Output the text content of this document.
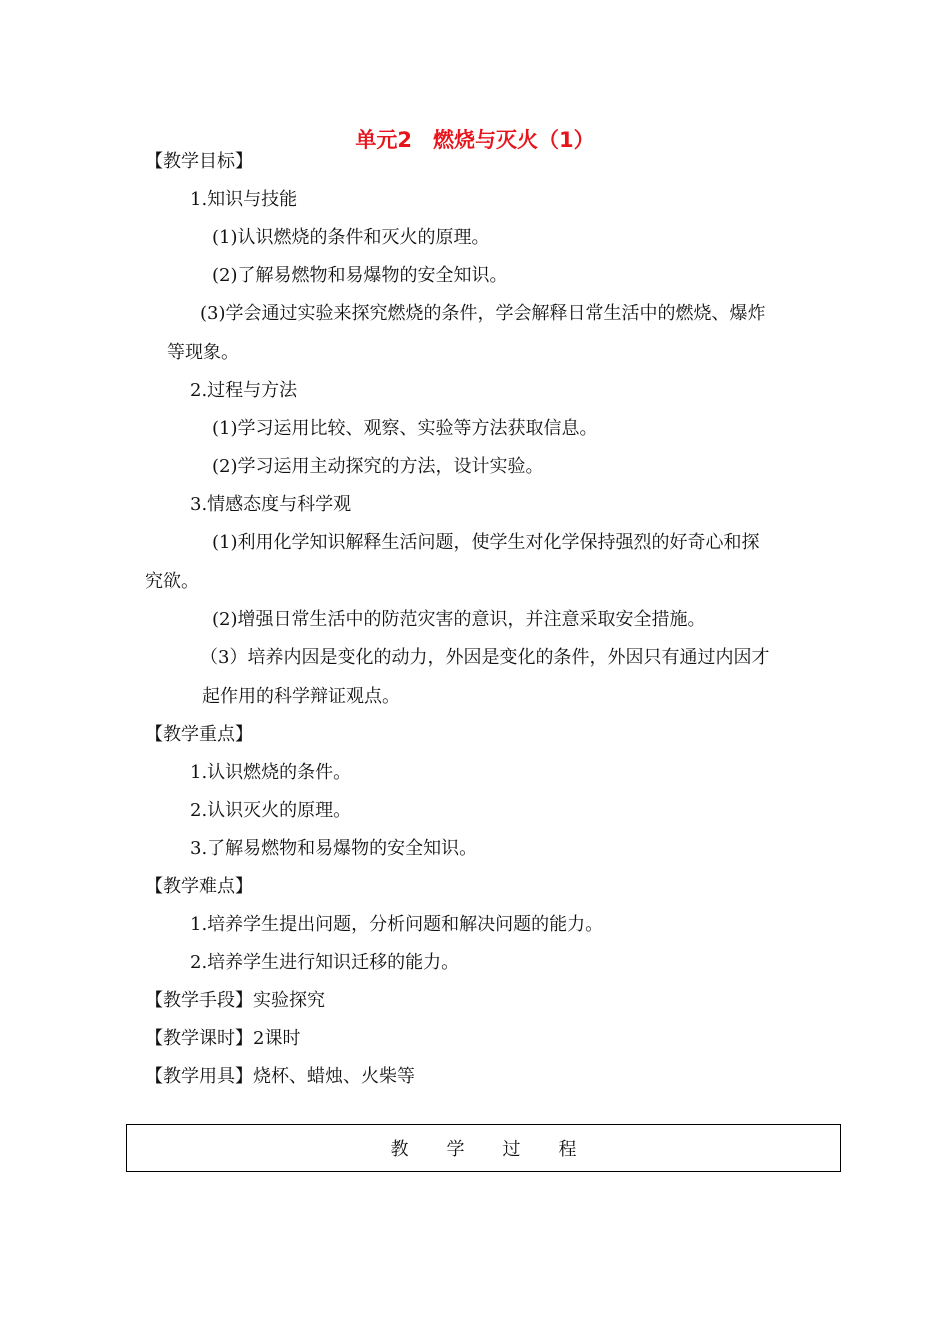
单元2　燃烧与灭火（1）
【教学目标】
1.知识与技能
(1)认识燃烧的条件和灭火的原理。
(2)了解易燃物和易爆物的安全知识。
(3)学会通过实验来探究燃烧的条件，学会解释日常生活中的燃烧、爆炸
等现象。
2.过程与方法
(1)学习运用比较、观察、实验等方法获取信息。
(2)学习运用主动探究的方法，设计实验。
3.情感态度与科学观
(1)利用化学知识解释生活问题，使学生对化学保持强烈的好奇心和探
究欲。
(2)增强日常生活中的防范灾害的意识，并注意采取安全措施。
（3）培养内因是变化的动力，外因是变化的条件，外因只有通过内因才
起作用的科学辩证观点。
【教学重点】
1.认识燃烧的条件。
2.认识灭火的原理。
3.了解易燃物和易爆物的安全知识。
【教学难点】
1.培养学生提出问题，分析问题和解决问题的能力。
2.培养学生进行知识迁移的能力。
【教学手段】实验探究
【教学课时】2课时
【教学用具】烧杯、蜡烛、火柴等
教学过程
